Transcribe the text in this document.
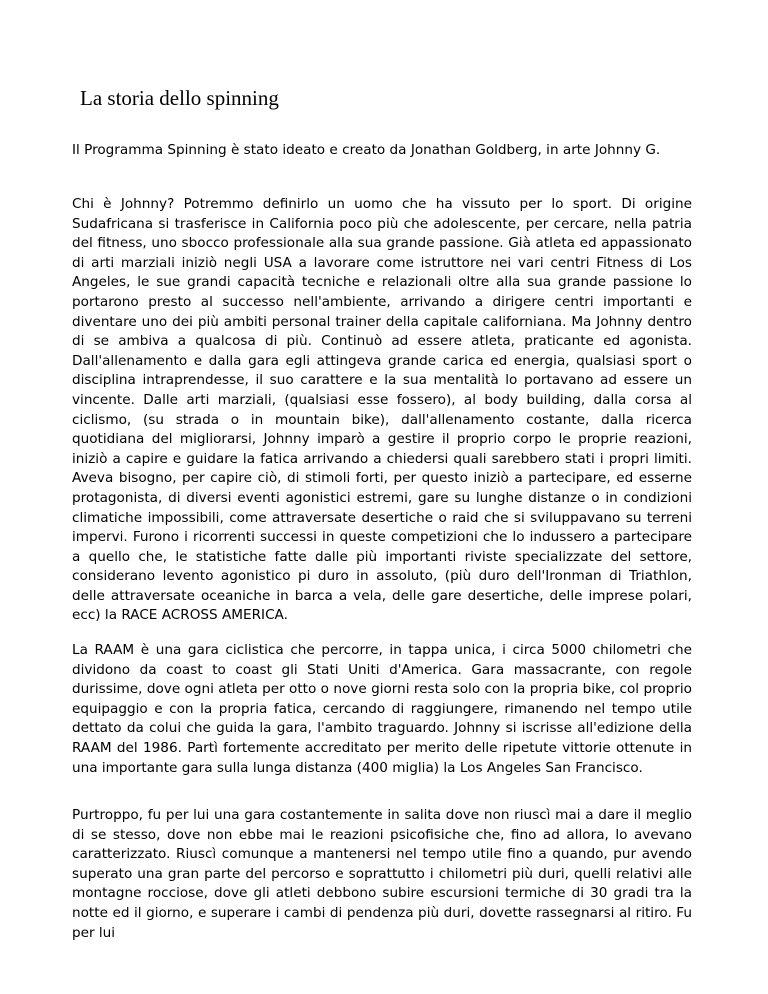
La storia dello spinning

Il Programma Spinning è stato ideato e creato da Jonathan Goldberg, in arte Johnny G.

Chi è Johnny? Potremmo definirlo un uomo che ha vissuto per lo sport. Di origine Sudafricana si trasferisce in California poco più che adolescente, per cercare, nella patria del fitness, uno sbocco professionale alla sua grande passione. Già atleta ed appassionato di arti marziali iniziò negli USA a lavorare come istruttore nei vari centri Fitness di Los Angeles, le sue grandi capacità tecniche e relazionali oltre alla sua grande passione lo portarono presto al successo nell'ambiente, arrivando a dirigere centri importanti e diventare uno dei più ambiti personal trainer della capitale californiana. Ma Johnny dentro di se ambiva a qualcosa di più. Continuò ad essere atleta, praticante ed agonista. Dall'allenamento e dalla gara egli attingeva grande carica ed energia, qualsiasi sport o disciplina intraprendesse, il suo carattere e la sua mentalità lo portavano ad essere un vincente. Dalle arti marziali, (qualsiasi esse fossero), al body building, dalla corsa al ciclismo, (su strada o in mountain bike), dall'allenamento costante, dalla ricerca quotidiana del migliorarsi, Johnny imparò a gestire il proprio corpo le proprie reazioni, iniziò a capire e guidare la fatica arrivando a chiedersi quali sarebbero stati i propri limiti. Aveva bisogno, per capire ciò, di stimoli forti, per questo iniziò a partecipare, ed esserne protagonista, di diversi eventi agonistici estremi, gare su lunghe distanze o in condizioni climatiche impossibili, come attraversate desertiche o raid che si sviluppavano su terreni impervi. Furono i ricorrenti successi in queste competizioni che lo indussero a partecipare a quello che, le statistiche fatte dalle più importanti riviste specializzate del settore, considerano levento agonistico pi duro in assoluto, (più duro dell'Ironman di Triathlon, delle attraversate oceaniche in barca a vela, delle gare desertiche, delle imprese polari, ecc) la RACE ACROSS AMERICA.

La RAAM è una gara ciclistica che percorre, in tappa unica, i circa 5000 chilometri che dividono da coast to coast gli Stati Uniti d'America. Gara massacrante, con regole durissime, dove ogni atleta per otto o nove giorni resta solo con la propria bike, col proprio equipaggio e con la propria fatica, cercando di raggiungere, rimanendo nel tempo utile dettato da colui che guida la gara, l'ambito traguardo. Johnny si iscrisse all'edizione della RAAM del 1986. Partì fortemente accreditato per merito delle ripetute vittorie ottenute in una importante gara sulla lunga distanza (400 miglia) la Los Angeles San Francisco.

Purtroppo, fu per lui una gara costantemente in salita dove non riuscì mai a dare il meglio di se stesso, dove non ebbe mai le reazioni psicofisiche che, fino ad allora, lo avevano caratterizzato. Riuscì comunque a mantenersi nel tempo utile fino a quando, pur avendo superato una gran parte del percorso e soprattutto i chilometri più duri, quelli relativi alle montagne rocciose, dove gli atleti debbono subire escursioni termiche di 30 gradi tra la notte ed il giorno, e superare i cambi di pendenza più duri, dovette rassegnarsi al ritiro. Fu per lui
